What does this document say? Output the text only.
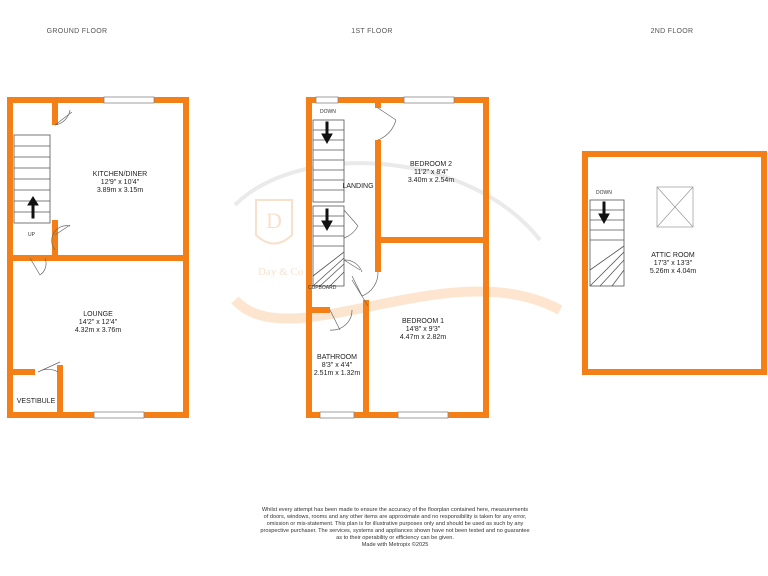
D
Day & Co
GROUND FLOOR	1ST FLOOR	2ND FLOOR
UP
KITCHEN/DINER
12'9" x 10'4"
3.89m x 3.15m
LOUNGE
14'2" x 12'4"
4.32m x 3.76m
VESTIBULE
DOWN
CUPBOARD
LANDING
BEDROOM 2
11'2" x 8'4"
3.40m x 2.54m
BEDROOM 1
14'8" x 9'3"
4.47m x 2.82m
BATHROOM
8'3" x 4'4"
2.51m x 1.32m
DOWN
ATTIC ROOM
17'3" x 13'3"
5.26m x 4.04m
Whilst every attempt has been made to ensure the accuracy of the floorplan contained here, measurements
of doors, windows, rooms and any other items are approximate and no responsibility is taken for any error,
omission or mis-statement. This plan is for illustrative purposes only and should be used as such by any
prospective purchaser. The services, systems and appliances shown have not been tested and no guarantee
as to their operability or efficiency can be given.
Made with Metropix ©2025
